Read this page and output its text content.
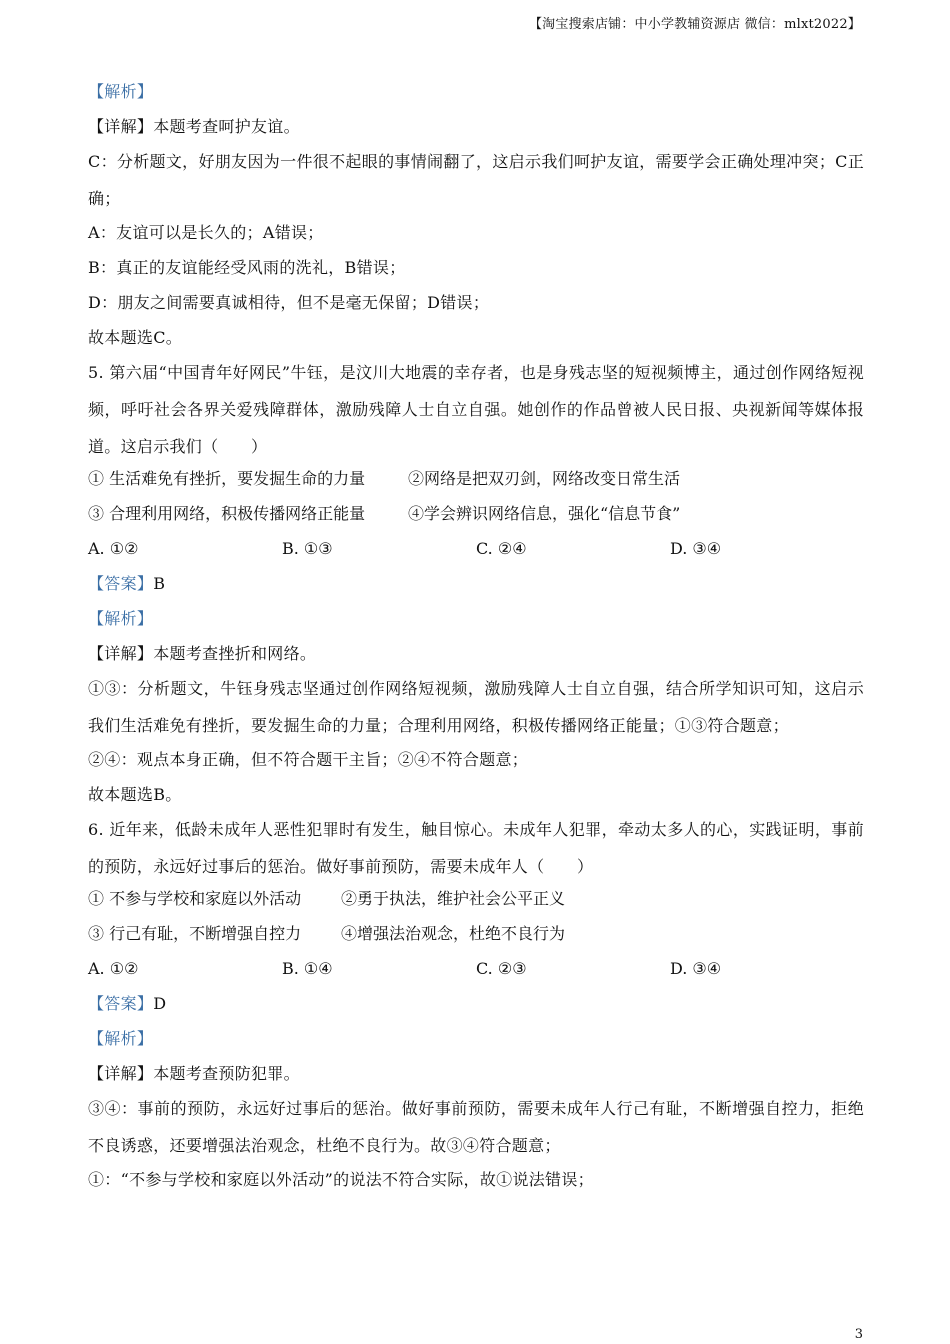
【淘宝搜索店铺：中小学教辅资源店 微信：mlxt2022】
【解析】
【详解】本题考查呵护友谊。
C：分析题文，好朋友因为一件很不起眼的事情闹翻了，这启示我们呵护友谊，需要学会正确处理冲突；C正确；
A：友谊可以是长久的；A错误；
B：真正的友谊能经受风雨的洗礼，B错误；
D：朋友之间需要真诚相待，但不是毫无保留；D错误；
故本题选C。
5. 第六届“中国青年好网民”牛钰，是汶川大地震的幸存者，也是身残志坚的短视频博主，通过创作网络短视频，呼吁社会各界关爱残障群体，激励残障人士自立自强。她创作的作品曾被人民日报、央视新闻等媒体报道。这启示我们（　　）
① 生活难免有挫折，要发掘生命的力量	②网络是把双刃剑，网络改变日常生活
③ 合理利用网络，积极传播网络正能量	④学会辨识网络信息，强化“信息节食”
A. ①②	B. ①③	C. ②④	D. ③④
【答案】B
【解析】
【详解】本题考查挫折和网络。
①③：分析题文，牛钰身残志坚通过创作网络短视频，激励残障人士自立自强，结合所学知识可知，这启示我们生活难免有挫折，要发掘生命的力量；合理利用网络，积极传播网络正能量；①③符合题意；
②④：观点本身正确，但不符合题干主旨；②④不符合题意；
故本题选B。
6. 近年来，低龄未成年人恶性犯罪时有发生，触目惊心。未成年人犯罪，牵动太多人的心，实践证明，事前的预防，永远好过事后的惩治。做好事前预防，需要未成年人（　　）
① 不参与学校和家庭以外活动	②勇于执法，维护社会公平正义
③ 行己有耻，不断增强自控力	④增强法治观念，杜绝不良行为
A. ①②	B. ①④	C. ②③	D. ③④
【答案】D
【解析】
【详解】本题考查预防犯罪。
③④：事前的预防，永远好过事后的惩治。做好事前预防，需要未成年人行己有耻，不断增强自控力，拒绝不良诱惑，还要增强法治观念，杜绝不良行为。故③④符合题意；
①：“不参与学校和家庭以外活动”的说法不符合实际，故①说法错误；
3
